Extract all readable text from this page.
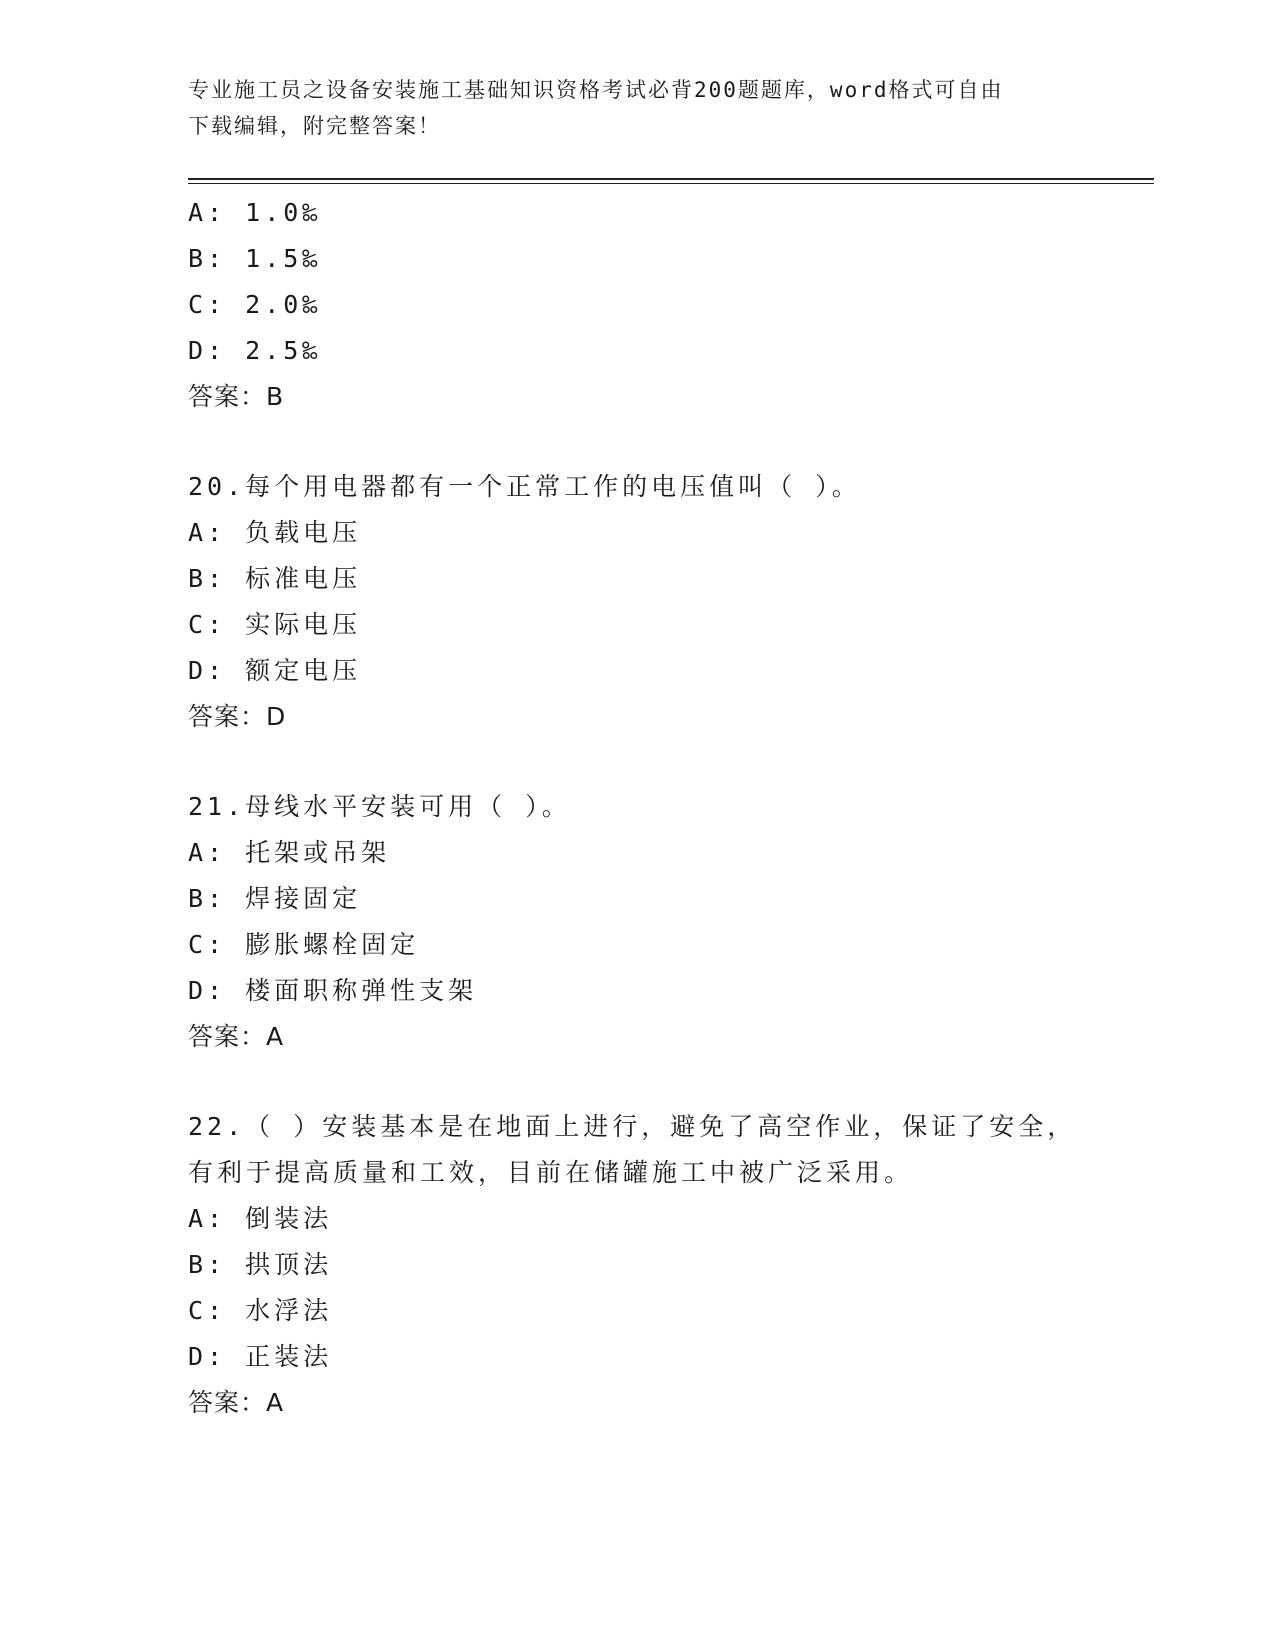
专业施工员之设备安装施工基础知识资格考试必背200题题库，word格式可自由
下载编辑，附完整答案！
A: 1.0‰
B: 1.5‰
C: 2.0‰
D: 2.5‰
答案：B
20.每个用电器都有一个正常工作的电压值叫（ ）。
A: 负载电压
B: 标准电压
C: 实际电压
D: 额定电压
答案：D
21.母线水平安装可用（ ）。
A: 托架或吊架
B: 焊接固定
C: 膨胀螺栓固定
D: 楼面职称弹性支架
答案：A
22.（ ）安装基本是在地面上进行，避免了高空作业，保证了安全，
有利于提高质量和工效，目前在储罐施工中被广泛采用。
A: 倒装法
B: 拱顶法
C: 水浮法
D: 正装法
答案：A
